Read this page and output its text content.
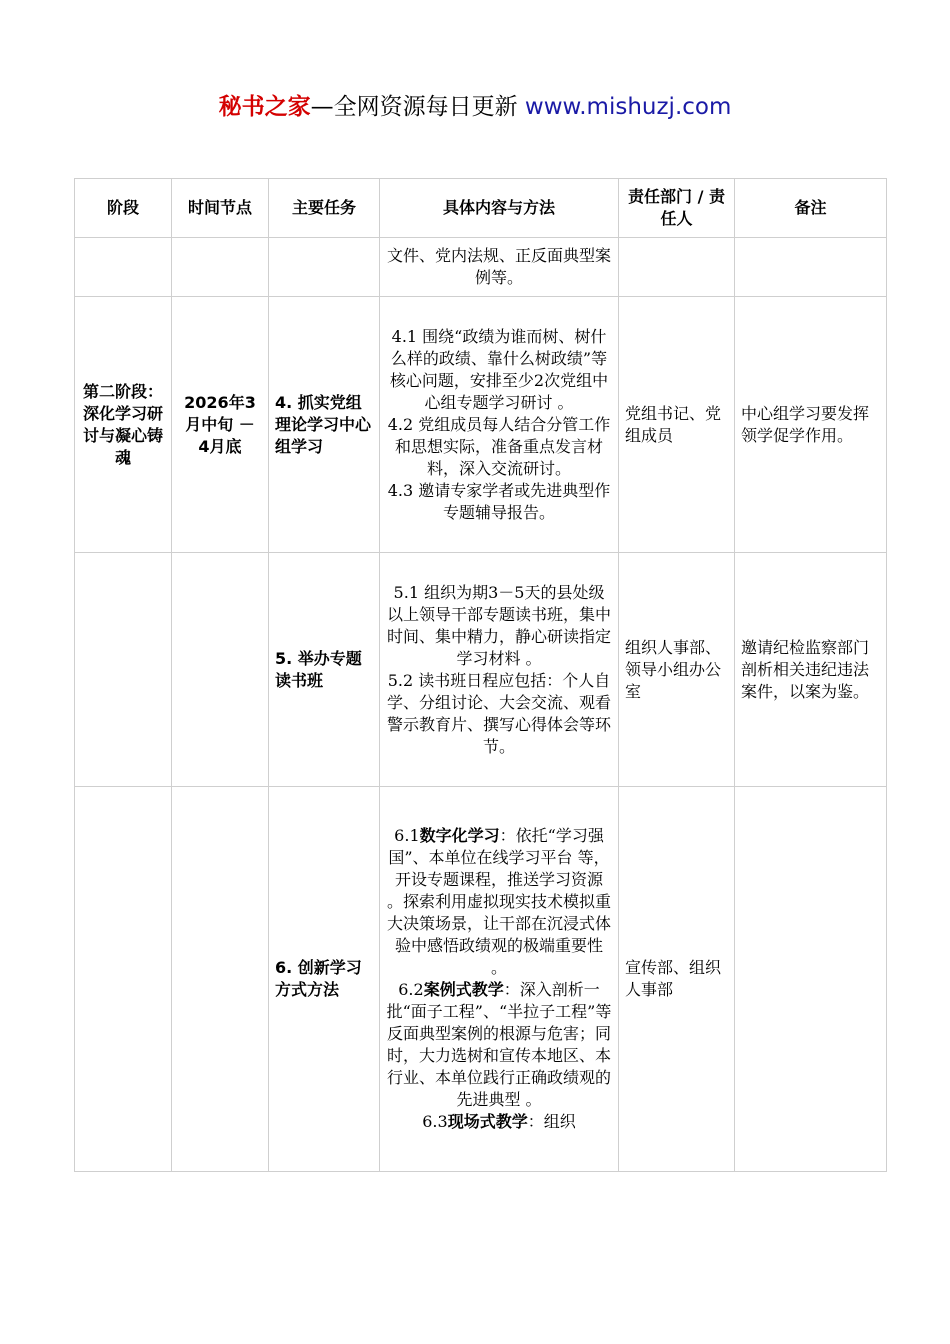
秘书之家—全网资源每日更新 www.mishuzj.com
阶段	时间节点	主要任务	具体内容与方法	责任部门 / 责任人	备注
			文件、党内法规、正反面典型案例等。		
第二阶段：深化学习研讨与凝心铸魂	2026年3月中旬 － 4月底	4. 抓实党组理论学习中心组学习	4.1 围绕“政绩为谁而树、树什么样的政绩、靠什么树政绩”等核心问题，安排至少2次党组中心组专题学习研讨 。

4.2 党组成员每人结合分管工作和思想实际，准备重点发言材料，深入交流研讨。

4.3 邀请专家学者或先进典型作专题辅导报告。	党组书记、党组成员	中心组学习要发挥领学促学作用。
		5. 举办专题读书班	5.1 组织为期3－5天的县处级以上领导干部专题读书班，集中时间、集中精力，静心研读指定学习材料 。

5.2 读书班日程应包括：个人自学、分组讨论、大会交流、观看警示教育片、撰写心得体会等环节。	组织人事部、领导小组办公室	邀请纪检监察部门剖析相关违纪违法案件，以案为鉴。
		6. 创新学习方式方法	6.1数字化学习：依托“学习强国”、本单位在线学习平台 等，开设专题课程，推送学习资源 。探索利用虚拟现实技术模拟重大决策场景，让干部在沉浸式体验中感悟政绩观的极端重要性 。

6.2案例式教学：深入剖析一批“面子工程”、“半拉子工程”等反面典型案例的根源与危害；同时，大力选树和宣传本地区、本行业、本单位践行正确政绩观的先进典型 。

6.3现场式教学：组织	宣传部、组织人事部	
